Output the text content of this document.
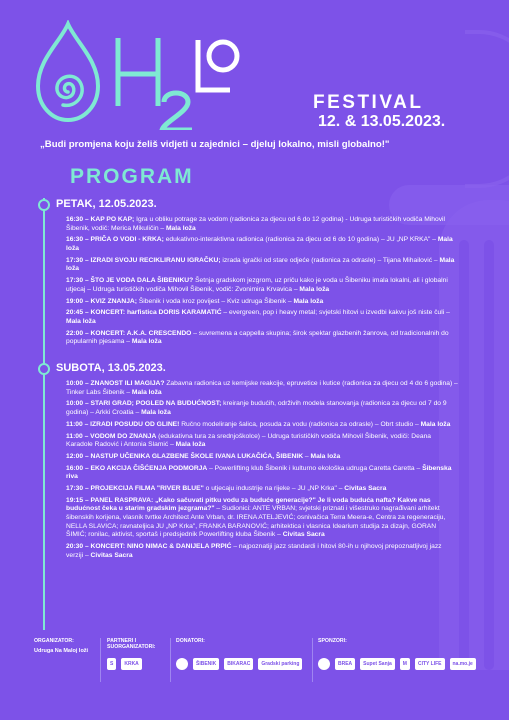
FESTIVAL
12. & 13.05.2023.
„Budi promjena koju želiš vidjeti u zajednici – djeluj lokalno, misli globalno!"
PROGRAM
PETAK, 12.05.2023.
16:30 – KAP PO KAP; Igra u obliku potrage za vodom (radionica za djecu od 6 do 12 godina) - Udruga turističkih vodiča Mihovil Šibenik, vodič: Merica Mikuličin – Mala loža
16:30 – PRIČA O VODI - KRKA; edukativno-interaktivna radionica (radionica za djecu od 6 do 10 godina) – JU „NP KRKA" – Mala loža
17:30 – IZRADI SVOJU RECIKLIRANU IGRAČKU; izrada igrački od stare odjeće (radionica za odrasle) – Tijana Mihailović – Mala loža
17:30 – ŠTO JE VODA DALA ŠIBENIKU? Šetnja gradskom jezgrom, uz priču kako je voda u Šibeniku imala lokalni, ali i globalni utjecaj – Udruga turističkih vodiča Mihovil Šibenik, vodič: Zvonimira Krvavica – Mala loža
19:00 – KVIZ ZNANJA; Šibenik i voda kroz povijest – Kviz udruga Šibenik – Mala loža
20:45 – KONCERT: harfistica DORIS KARAMATIĆ – evergreen, pop i heavy metal; svjetski hitovi u izvedbi kakvu još niste čuli – Mala loža
22:00 – KONCERT: A.K.A. CRESCENDO – suvremena a cappella skupina; širok spektar glazbenih žanrova, od tradicionalnih do popularnih pjesama – Mala loža
SUBOTA, 13.05.2023.
10:00 – ZNANOST ILI MAGIJA? Zabavna radionica uz kemijske reakcije, epruvetice i kutice (radionica za djecu od 4 do 6 godina) – Tinker Labs Šibenik – Mala loža
10:00 – STARI GRAD; POGLED NA BUDUĆNOST; kreiranje budućih, održivih modela stanovanja (radionica za djecu od 7 do 9 godina) – Arkki Croatia – Mala loža
11:00 – IZRADI POSUDU OD GLINE! Ručno modeliranje šalica, posuda za vodu (radionica za odrasle) – Obrt studio – Mala loža
11:00 – VODOM DO ZNANJA (edukativna tura za srednjoškolce) – Udruga turističkih vodiča Mihovil Šibenik, vodiči: Deana Karadole Radović i Antonia Slamić – Mala loža
12:00 – NASTUP UČENIKA GLAZBENE ŠKOLE IVANA LUKAČIĆA, ŠIBENIK – Mala loža
16:00 – EKO AKCIJA ČIŠĆENJA PODMORJA – Powerlifting klub Šibenik i kulturno ekološka udruga Caretta Caretta – Šibenska riva
17:30 – PROJEKCIJA FILMA "RIVER BLUE" o utjecaju industrije na rijeke – JU „NP Krka" – Civitas Sacra
19:15 – PANEL RASPRAVA: „Kako sačuvati pitku vodu za buduće generacije?" Je li voda budućа nafta? Kakve nas budućnost čeka u starim gradskim jezgrama?" – Sudionici: ANTE VRBAN; svjetski priznati i višestruko nagrađivani arhitekt šibenskih korijena, vlasnik tvrtke Architect Ante Vrban, dr. IRENA ATELJEVIĆ; osnivačica Terra Meera-e, Centra za regeneraciju, NELLA SLAVICA; ravnateljica JU „NP Krka", FRANKA BARANOVIĆ; arhitektica i vlasnica Idearium studija za dizajn, GORAN ŠIMIĆ; ronilac, aktivist, sportaš i predsjednik Powerlifting kluba Šibenik – Civitas Sacra
20:30 – KONCERT: NINO NIMAC & DANIJELA PRPIĆ – najpoznatiji jazz standardi i hitovi 80-ih u njihovoj prepoznatljivoj jazz verziji – Civitas Sacra
ORGANIZATOR:
Udruga Na Maloj loži
PARTNERI I SUORGANIZATORI:
S	KRKA
DONATORI:
ŠIBENIK	BIKARAC	Gradski parking
SPONZORI:
BREA	Supet Sanja	M	CITY LIFE	na.mo.je
